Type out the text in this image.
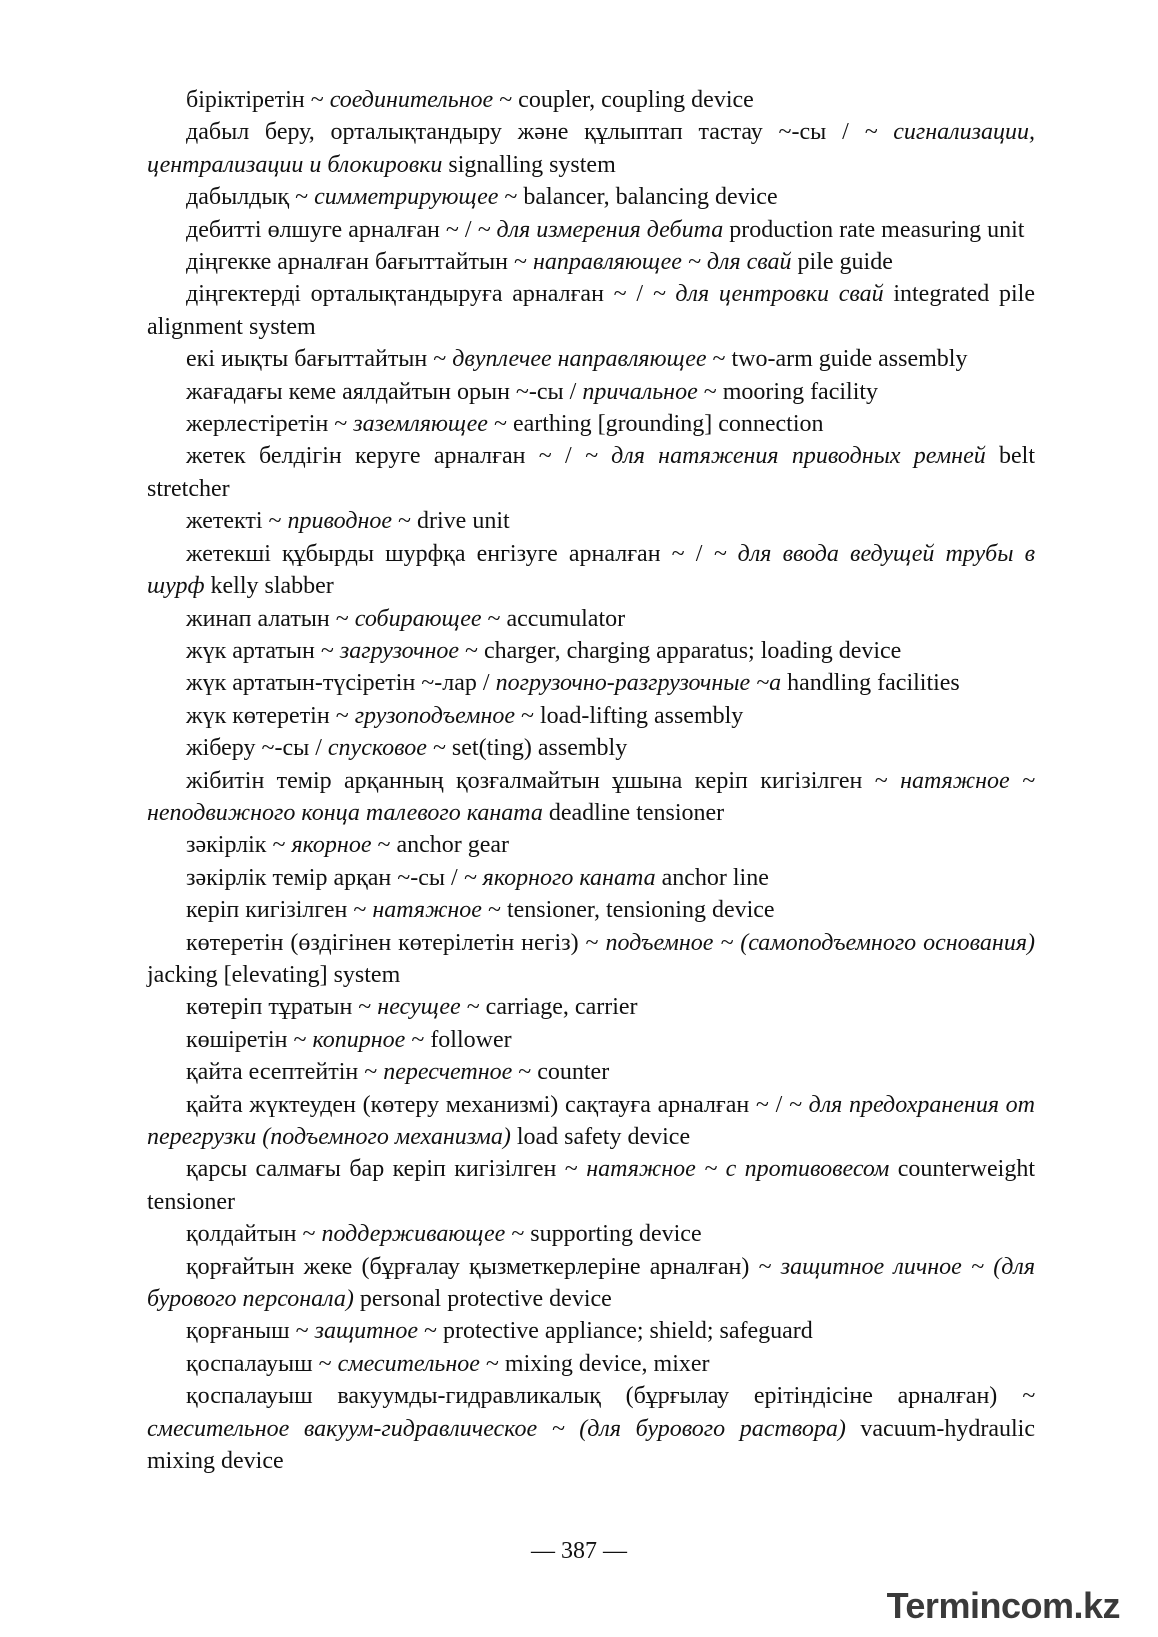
біріктіретін ~ соединительное ~ coupler, coupling device

дабыл беру, орталықтандыру және құлыптап тастау ~-сы / ~ сигнализации, централизации и блокировки signalling system

дабылдық ~ симметрирующее ~ balancer, balancing device

дебитті өлшуге арналған ~ / ~ для измерения дебита production rate measuring unit

діңгекке арналған бағыттайтын ~ направляющее ~ для свай pile guide

діңгектерді орталықтандыруға арналған ~ / ~ для центровки свай integrated pile alignment system

екі иықты бағыттайтын ~ двуплечее направляющее ~ two-arm guide assembly

жағадағы кеме аялдайтын орын ~-сы / причальное ~ mooring facility

жерлестіретін ~ заземляющее ~ earthing [grounding] connection

жетек белдігін керуге арналған ~ / ~ для натяжения приводных ремней belt stretcher

жетекті ~ приводное ~ drive unit

жетекші құбырды шурфқа енгізуге арналған ~ / ~ для ввода ведущей трубы в шурф kelly slabber

жинап алатын ~ собирающее ~ accumulator

жүк артатын ~ загрузочное ~ charger, charging apparatus; loading device

жүк артатын-түсіретін ~-лар / погрузочно-разгрузочные ~а handling facilities

жүк көтеретін ~ грузоподъемное ~ load-lifting assembly

жіберу ~-сы / спусковое ~ set(ting) assembly

жібитін темір арқанның қозғалмайтын ұшына керіп кигізілген ~ натяжное ~ неподвижного конца талевого каната deadline tensioner

зәкірлік ~ якорное ~ anchor gear

зәкірлік темір арқан ~-сы / ~ якорного каната anchor line

керіп кигізілген ~ натяжное ~ tensioner, tensioning device

көтеретін (өздігінен көтерілетін негіз) ~ подъемное ~ (самоподъемного основания) jacking [elevating] system

көтеріп тұратын ~ несущее ~ carriage, carrier

көшіретін ~ копирное ~ follower

қайта есептейтін ~ пересчетное ~ counter

қайта жүктеуден (көтеру механизмі) сақтауға арналған ~ / ~ для предохранения от перегрузки (подъемного механизма) load safety device

қарсы салмағы бар керіп кигізілген ~ натяжное ~ с противовесом counterweight tensioner

қолдайтын ~ поддерживающее ~ supporting device

қорғайтын жеке (бұрғалау қызметкерлеріне арналған) ~ защитное личное ~ (для бурового персонала) personal protective device

қорғаныш ~ защитное ~ protective appliance; shield; safeguard

қоспалауыш ~ смесительное ~ mixing device, mixer

қоспалауыш вакуумды-гидравликалық (бұрғылау ерітіндісіне арналған) ~ смесительное вакуум-гидравлическое ~ (для бурового раствора) vacuum-hydraulic mixing device

— 387 —
Termincom.kz
